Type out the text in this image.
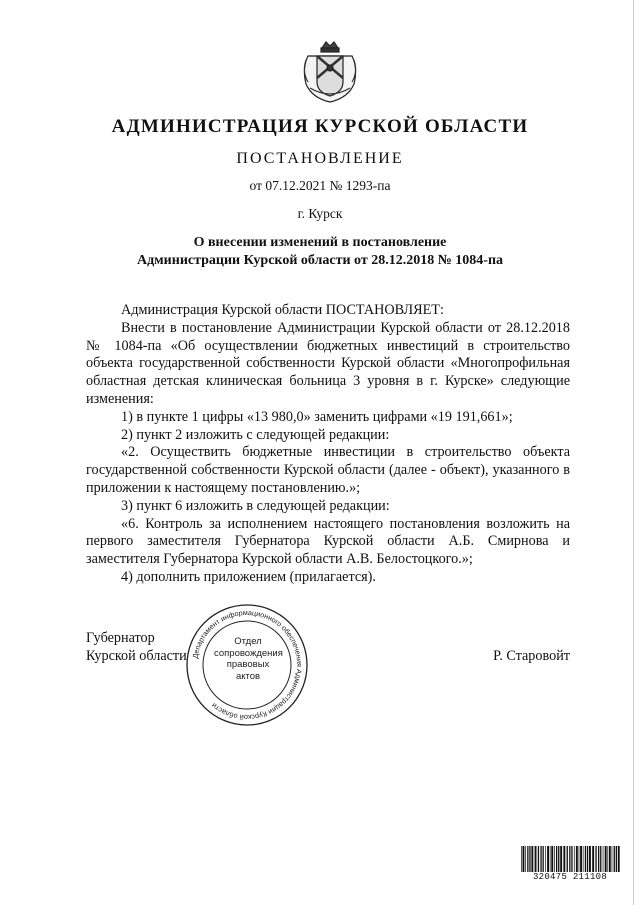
АДМИНИСТРАЦИЯ КУРСКОЙ ОБЛАСТИ
ПОСТАНОВЛЕНИЕ
от 07.12.2021 № 1293-па
г. Курск
О внесении изменений в постановление
Администрации Курской области от 28.12.2018 № 1084-па

Администрация Курской области ПОСТАНОВЛЯЕТ:

Внести в постановление Администрации Курской области от 28.12.2018 № 1084-па «Об осуществлении бюджетных инвестиций в строительство объекта государственной собственности Курской области «Многопрофильная областная детская клиническая больница 3 уровня в г. Курске» следующие изменения:

1) в пункте 1 цифры «13 980,0» заменить цифрами «19 191,661»;

2) пункт 2 изложить с следующей редакции:

«2. Осуществить бюджетные инвестиции в строительство объекта государственной собственности Курской области (далее - объект), указанного в приложении к настоящему постановлению.»;

3) пункт 6 изложить в следующей редакции:

«6. Контроль за исполнением настоящего постановления возложить на первого заместителя Губернатора Курской области А.Б. Смирнова и заместителя Губернатора Курской области А.В. Белостоцкого.»;

4) дополнить приложением (прилагается).

Губернатор
Курской области	Р. Старовойт
Департамент информационного обеспечения Администрации Курской области
Отдел
сопровождения
правовых
актов
320475 211108
